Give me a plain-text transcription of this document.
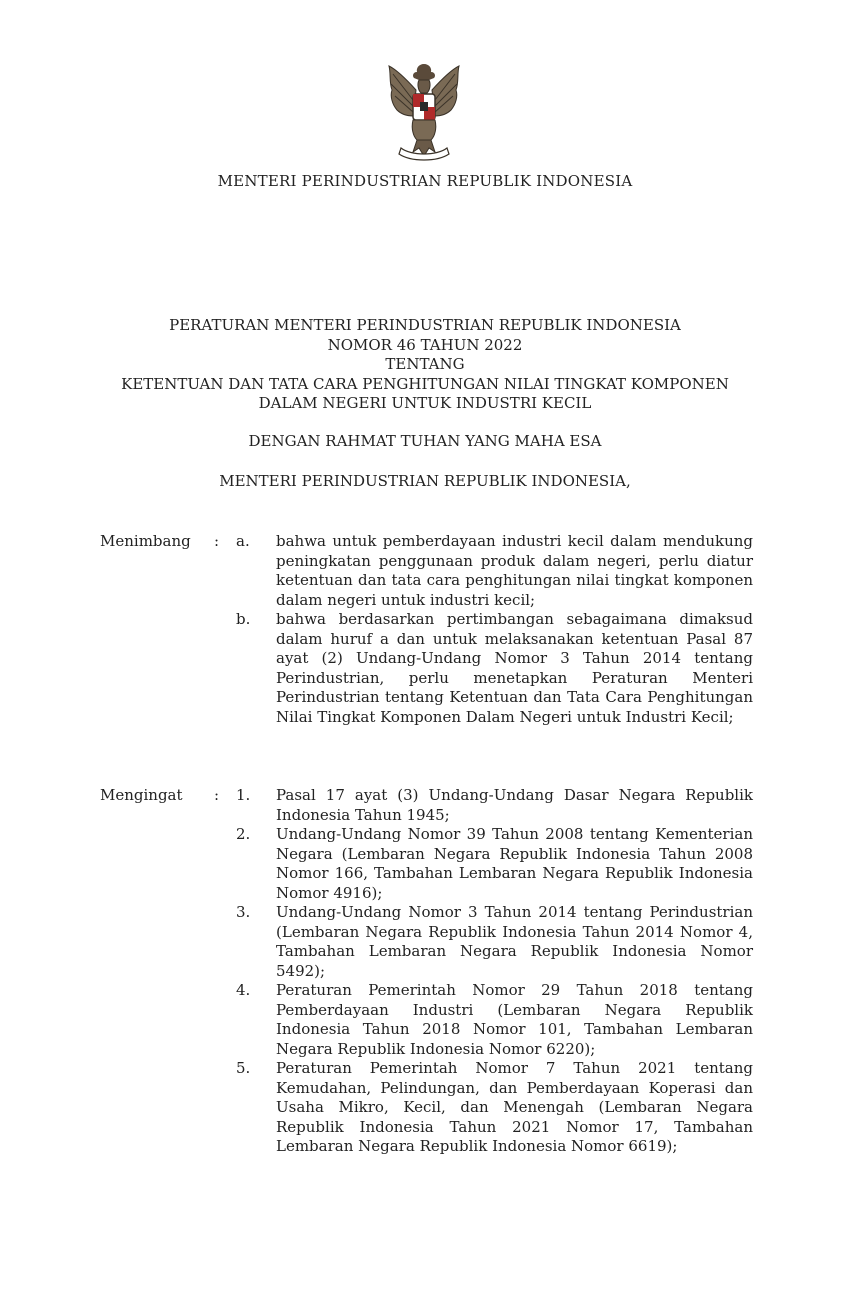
MENTERI PERINDUSTRIAN REPUBLIK INDONESIA
PERATURAN MENTERI PERINDUSTRIAN REPUBLIK INDONESIA
NOMOR 46 TAHUN 2022
TENTANG
KETENTUAN DAN TATA CARA PENGHITUNGAN NILAI TINGKAT KOMPONEN
DALAM NEGERI UNTUK INDUSTRI KECIL
DENGAN RAHMAT TUHAN YANG MAHA ESA
MENTERI PERINDUSTRIAN REPUBLIK INDONESIA,
Menimbang : a.	bahwa untuk pemberdayaan industri kecil dalam mendukung peningkatan penggunaan produk dalam negeri, perlu diatur ketentuan dan tata cara penghitungan nilai tingkat komponen dalam negeri untuk industri kecil;
b.	bahwa berdasarkan pertimbangan sebagaimana dimaksud dalam huruf a dan untuk melaksanakan ketentuan Pasal 87 ayat (2) Undang-Undang Nomor 3 Tahun 2014 tentang Perindustrian, perlu menetapkan Peraturan Menteri Perindustrian tentang Ketentuan dan Tata Cara Penghitungan Nilai Tingkat Komponen Dalam Negeri untuk Industri Kecil;
Mengingat : 1.	Pasal 17 ayat (3) Undang-Undang Dasar Negara Republik Indonesia Tahun 1945;
2.	Undang-Undang Nomor 39 Tahun 2008 tentang Kementerian Negara (Lembaran Negara Republik Indonesia Tahun 2008 Nomor 166, Tambahan Lembaran Negara Republik Indonesia Nomor 4916);
3.	Undang-Undang Nomor 3 Tahun 2014 tentang Perindustrian (Lembaran Negara Republik Indonesia Tahun 2014 Nomor 4, Tambahan Lembaran Negara Republik Indonesia Nomor 5492);
4.	Peraturan Pemerintah Nomor 29 Tahun 2018 tentang Pemberdayaan Industri (Lembaran Negara Republik Indonesia Tahun 2018 Nomor 101, Tambahan Lembaran Negara Republik Indonesia Nomor 6220);
5.	Peraturan Pemerintah Nomor 7 Tahun 2021 tentang Kemudahan, Pelindungan, dan Pemberdayaan Koperasi dan Usaha Mikro, Kecil, dan Menengah (Lembaran Negara Republik Indonesia Tahun 2021 Nomor 17, Tambahan Lembaran Negara Republik Indonesia Nomor 6619);
